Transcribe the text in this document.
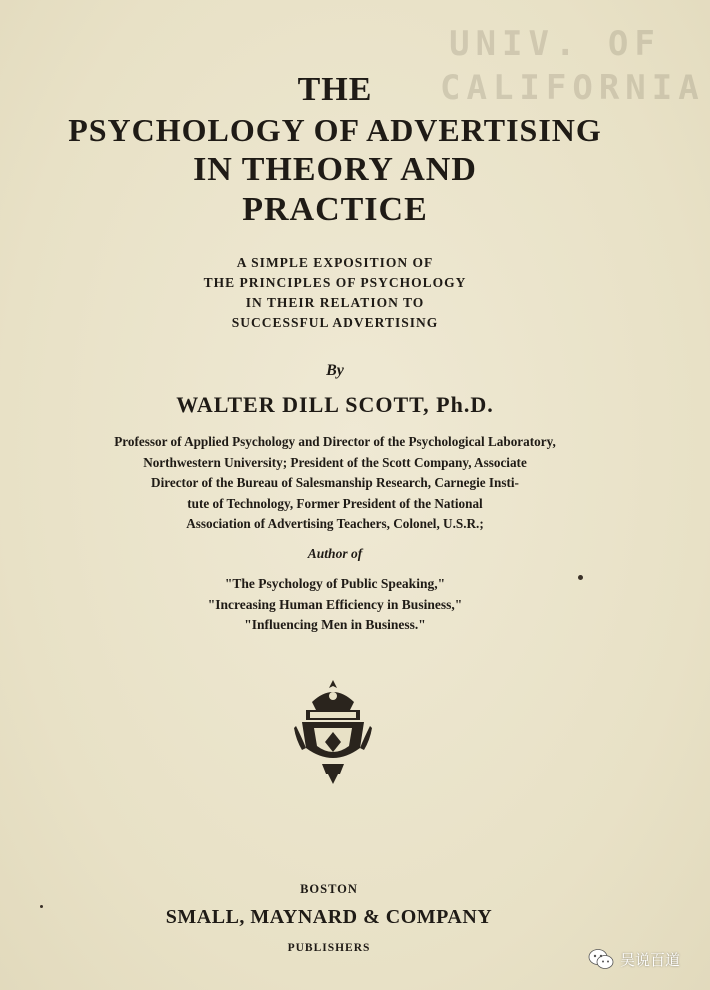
UNIV. OF
CALIFORNIA
THE
PSYCHOLOGY OF ADVERTISING
IN THEORY AND
PRACTICE
A SIMPLE EXPOSITION OF
THE PRINCIPLES OF PSYCHOLOGY
IN THEIR RELATION TO
SUCCESSFUL ADVERTISING
By
WALTER DILL SCOTT, Ph.D.
Professor of Applied Psychology and Director of the Psychological Laboratory,
Northwestern University; President of the Scott Company, Associate
Director of the Bureau of Salesmanship Research, Carnegie Insti-
tute of Technology, Former President of the National
Association of Advertising Teachers, Colonel, U.S.R.;
Author of
"The Psychology of Public Speaking,"
"Increasing Human Efficiency in Business,"
"Influencing Men in Business."
BOSTON
SMALL, MAYNARD & COMPANY
PUBLISHERS
吴说百道
